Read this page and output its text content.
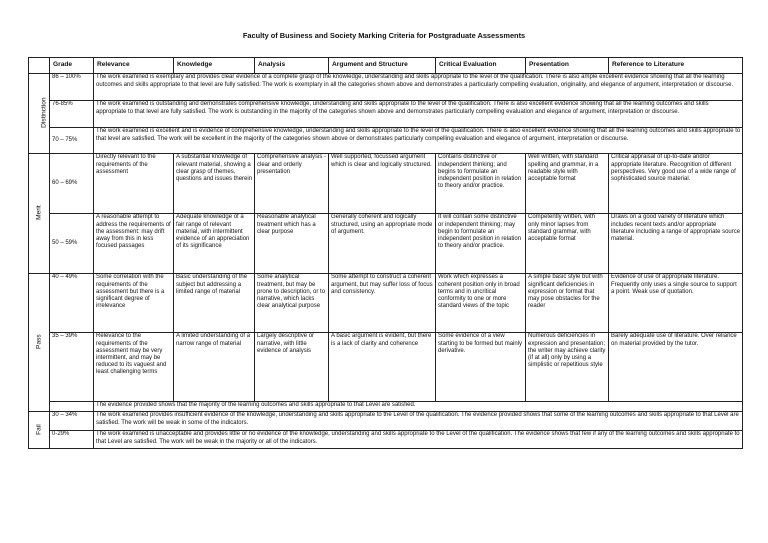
Faculty of Business and Society Marking Criteria for Postgraduate Assessments
	Grade	Relevance	Knowledge	Analysis	Argument and Structure	Critical Evaluation	Presentation	Reference to Literature
Distinction	86 – 100%	The work examined is exemplary and provides clear evidence of a complete grasp of the knowledge, understanding and skills appropriate to the level of the qualification. There is also ample excellent evidence showing that all the learning outcomes and skills appropriate to that level are fully satisfied. The work is exemplary in all the categories shown above and demonstrates a particularly compelling evaluation, originality, and elegance of argument, interpretation or discourse.						
	76-85%	The work examined is outstanding and demonstrates comprehensive knowledge, understanding and skills appropriate to the level of the qualification. There is also excellent evidence showing that all the learning outcomes and skills appropriate to that level are fully satisfied. The work is outstanding in the majority of the categories shown above and demonstrates particularly compelling evaluation and elegance of argument, interpretation or discourse.						
	70 – 75%	The work examined is excellent and is evidence of comprehensive knowledge, understanding and skills appropriate to the level of the qualification. There is also excellent evidence showing that all the learning outcomes and skills appropriate to that level are satisfied. The work will be excellent in the majority of the categories shown above or demonstrates particularly compelling evaluation and elegance of argument, interpretation or discourse.						
Merit	60 – 69%	Directly relevant to the requirements of the assessment	A substantial knowledge of relevant material, showing a clear grasp of themes, questions and issues therein	Comprehensive analysis - clear and orderly presentation	Well supported, focussed argument which is clear and logically structured.	Contains distinctive or independent thinking; and begins to formulate an independent position in relation to theory and/or practice.	Well written, with standard spelling and grammar, in a readable style with acceptable format	Critical appraisal of up-to-date and/or appropriate literature. Recognition of different perspectives. Very good use of a wide range of sophisticated source material.
	50 – 59%	A reasonable attempt to address the requirements of the assessment: may drift away from this in less focused passages	Adequate knowledge of a fair range of relevant material, with intermittent evidence of an appreciation of its significance	Reasonable analytical treatment which has a clear purpose	Generally coherent and logically structured, using an appropriate mode of argument.	It will contain some distinctive or independent thinking; may begin to formulate an independent position in relation to theory and/or practice.	Competently written, with only minor lapses from standard grammar, with acceptable format	Draws on a good variety of literature which includes recent texts and/or appropriate literature including a range of appropriate source material.
Pass	40 – 49%	Some correlation with the requirements of the assessment but there is a significant degree of irrelevance	Basic understanding of the subject but addressing a limited range of material	Some analytical treatment, but may be prone to description, or to narrative, which lacks clear analytical purpose	Some attempt to construct a coherent argument, but may suffer loss of focus and consistency.	Work which expresses a coherent position only in broad terms and in uncritical conformity to one or more standard views of the topic	A simple basic style but with significant deficiencies in expression or format that may pose obstacles for the reader	Evidence of use of appropriate literature. Frequently only uses a single source to support a point. Weak use of quotation.
	35 – 39%	Relevance to the requirements of the assessment may be very intermittent, and may be reduced to its vaguest and least challenging terms	A limited understanding of a narrow range of material	Largely descriptive or narrative, with little evidence of analysis	A basic argument is evident, but there is a lack of clarity and coherence	Some evidence of a view starting to be formed but mainly derivative.	Numerous deficiencies in expression and presentation; the writer may achieve clarity (if at all) only by using a simplistic or repetitious style	Barely adequate use of literature. Over reliance on material provided by the tutor.
		The evidence provided shows that the majority of the learning outcomes and skills appropriate to that Level are satisfied.						
Fail	30 – 34%	The work examined provides insufficient evidence of the knowledge, understanding and skills appropriate to the Level of the qualification. The evidence provided shows that some of the learning outcomes and skills appropriate to that Level are satisfied. The work will be weak in some of the indicators.						
	0-29%	The work examined is unacceptable and provides little or no evidence of the knowledge, understanding and skills appropriate to the Level of the qualification. The evidence shows that few if any of the learning outcomes and skills appropriate to that Level are satisfied. The work will be weak in the majority or all of the indicators.						
